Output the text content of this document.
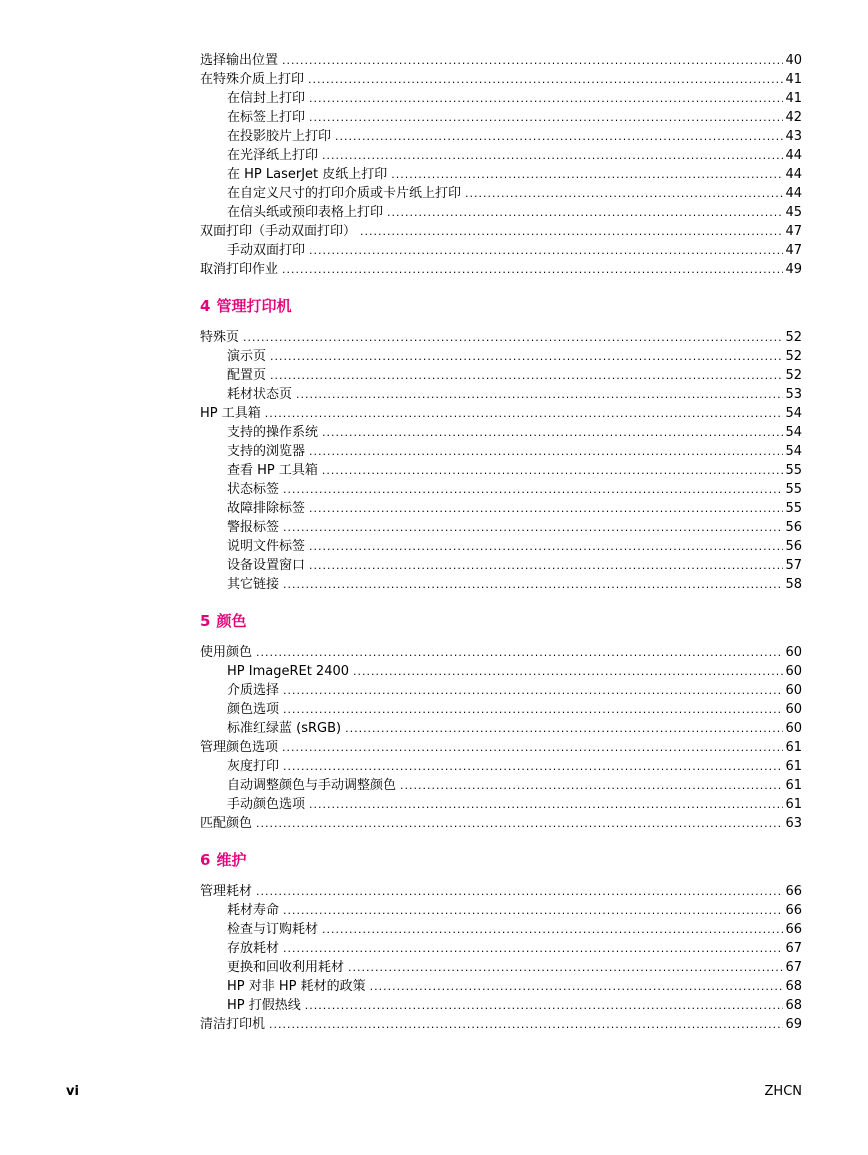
选择输出位置 .....	40
在特殊介质上打印 .....	41
在信封上打印 .....	41
在标签上打印 .....	42
在投影胶片上打印 .....	43
在光泽纸上打印 .....	44
在 HP LaserJet 皮纸上打印 .....	44
在自定义尺寸的打印介质或卡片纸上打印 .....	44
在信头纸或预印表格上打印 .....	45
双面打印（手动双面打印） .....	47
手动双面打印 .....	47
取消打印作业 .....	49
4 管理打印机
特殊页 .....	52
演示页 .....	52
配置页 .....	52
耗材状态页 .....	53
HP 工具箱 .....	54
支持的操作系统 .....	54
支持的浏览器 .....	54
查看 HP 工具箱 .....	55
状态标签 .....	55
故障排除标签 .....	55
警报标签 .....	56
说明文件标签 .....	56
设备设置窗口 .....	57
其它链接 .....	58
5 颜色
使用颜色 .....	60
HP ImageREt 2400 .....	60
介质选择 .....	60
颜色选项 .....	60
标准红绿蓝 (sRGB) .....	60
管理颜色选项 .....	61
灰度打印 .....	61
自动调整颜色与手动调整颜色 .....	61
手动颜色选项 .....	61
匹配颜色 .....	63
6 维护
管理耗材 .....	66
耗材寿命 .....	66
检查与订购耗材 .....	66
存放耗材 .....	67
更换和回收利用耗材 .....	67
HP 对非 HP 耗材的政策 .....	68
HP 打假热线 .....	68
清洁打印机 .....	69
vi	ZHCN
